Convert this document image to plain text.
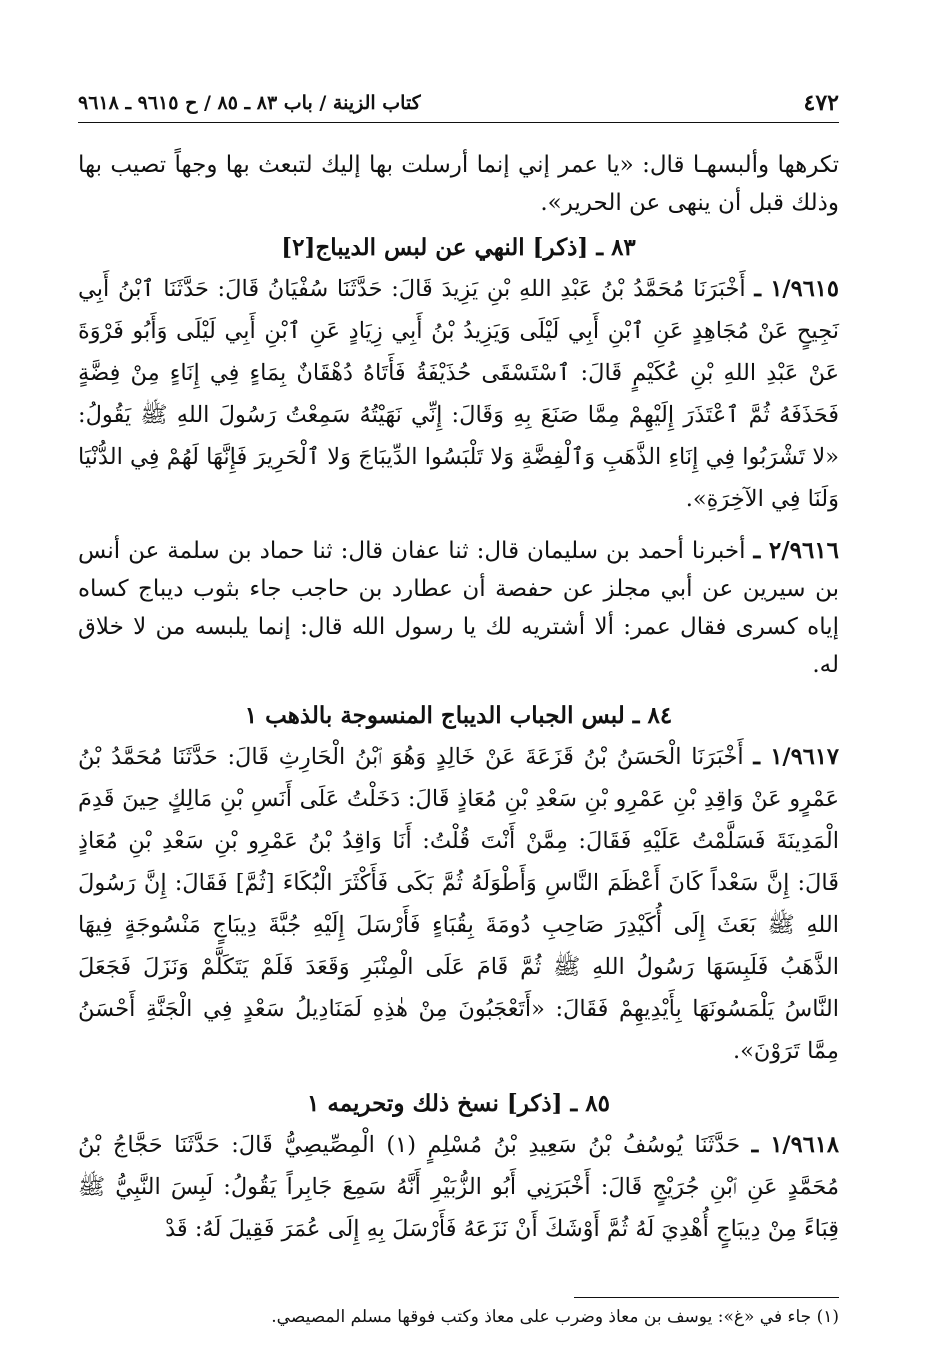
٤٧٢
كتاب الزينة / باب ٨٣ ـ ٨٥ / ح ٩٦١٥ ـ ٩٦١٨

تكرهها وألبسهـا قال: «يا عمر إني إنما أرسلت بها إليك لتبعث بها وجهاً تصيب بها وذلك قبل أن ينهى عن الحرير».

٨٣ ـ [ذكر] النهي عن لبس الديباج[٢]

١/٩٦١٥ ـ أَخْبَرَنَا مُحَمَّدُ بْنُ عَبْدِ اللهِ بْنِ يَزِيدَ قَالَ: حَدَّثَنَا سُفْيَانُ قَالَ: حَدَّثَنَا ٱبْنُ أَبِي نَجِيحٍ عَنْ مُجَاهِدٍ عَنِ ٱبْنِ أَبِي لَيْلَى وَيَزِيدُ بْنُ أَبِي زِيَادٍ عَنِ ٱبْنِ أَبِي لَيْلَى وَأَبُو فَرْوَةَ عَنْ عَبْدِ اللهِ بْنِ عُكَيْمٍ قَالَ: ٱسْتَسْقَى حُذَيْفَةُ فَأَتَاهُ دُهْقَانٌ بِمَاءٍ فِي إِنَاءٍ مِنْ فِضَّةٍ فَحَذَفَهُ ثُمَّ ٱعْتَذَرَ إِلَيْهِمْ مِمَّا صَنَعَ بِهِ وَقَالَ: إِنِّي نَهَيْتُهُ سَمِعْتُ رَسُولَ اللهِ ﷺ يَقُولُ: «لا تَشْرَبُوا فِي إِنَاءِ الذَّهَبِ وَٱلْفِضَّةِ وَلا تَلْبَسُوا الدِّيبَاجَ وَلا ٱلْحَرِيرَ فَإِنَّهَا لَهُمْ فِي الدُّنْيَا وَلَنَا فِي الآخِرَةِ».

٢/٩٦١٦ ـ أخبرنا أحمد بن سليمان قال: ثنا عفان قال: ثنا حماد بن سلمة عن أنس بن سيرين عن أبي مجلز عن حفصة أن عطارد بن حاجب جاء بثوب ديباج كساه إياه كسرى فقال عمر: ألا أشتريه لك يا رسول الله قال: إنما يلبسه من لا خلاق له.

٨٤ ـ لبس الجباب الديباج المنسوجة بالذهب ١

١/٩٦١٧ ـ أَخْبَرَنَا الْحَسَنُ بْنُ قَزَعَةَ عَنْ خَالِدٍ وَهُوَ ٱبْنُ الْحَارِثِ قَالَ: حَدَّثَنَا مُحَمَّدُ بْنُ عَمْرٍو عَنْ وَاقِدِ بْنِ عَمْرِو بْنِ سَعْدِ بْنِ مُعَاذٍ قَالَ: دَخَلْتُ عَلَى أَنَسِ بْنِ مَالِكٍ حِينَ قَدِمَ الْمَدِينَةَ فَسَلَّمْتُ عَلَيْهِ فَقَالَ: مِمَّنْ أَنْتَ قُلْتُ: أَنَا وَاقِدُ بْنُ عَمْرِو بْنِ سَعْدِ بْنِ مُعَاذٍ قَالَ: إِنَّ سَعْداً كَانَ أَعْظَمَ النَّاسِ وَأَطْوَلَهُ ثُمَّ بَكَى فَأَكْثَرَ الْبُكَاءَ [ثُمَّ] فَقَالَ: إِنَّ رَسُولَ اللهِ ﷺ بَعَثَ إِلَى أُكَيْدِرَ صَاحِبِ دُومَةَ بِقُبَاءٍ فَأَرْسَلَ إِلَيْهِ جُبَّةَ دِيبَاجٍ مَنْسُوجَةٍ فِيهَا الذَّهَبُ فَلَبِسَهَا رَسُولُ اللهِ ﷺ ثُمَّ قَامَ عَلَى الْمِنْبَرِ وَقَعَدَ فَلَمْ يَتَكَلَّمْ وَنَزَلَ فَجَعَلَ النَّاسُ يَلْمَسُونَهَا بِأَيْدِيهِمْ فَقَالَ: «أَتَعْجَبُونَ مِنْ هٰذِهِ لَمَنَادِيلُ سَعْدٍ فِي الْجَنَّةِ أَحْسَنُ مِمَّا تَرَوْنَ».

٨٥ ـ [ذكر] نسخ ذلك وتحريمه ١

١/٩٦١٨ ـ حَدَّثَنَا يُوسُفُ بْنُ سَعِيدِ بْنُ مُسْلِمٍ (١) الْمِصِّيصِيُّ قَالَ: حَدَّثَنَا حَجَّاجُ بْنُ مُحَمَّدٍ عَنِ ٱبْنِ جُرَيْجٍ قَالَ: أَخْبَرَنِي أَبُو الزُّبَيْرِ أَنَّهُ سَمِعَ جَابِراً يَقُولُ: لَبِسَ النَّبِيُّ ﷺ قِبَاءً مِنْ دِيبَاجٍ أُهْدِيَ لَهُ ثُمَّ أَوْشَكَ أَنْ نَزَعَهُ فَأَرْسَلَ بِهِ إِلَى عُمَرَ فَقِيلَ لَهُ: قَدْ

(١) جاء في «غ»: يوسف بن معاذ وضرب على معاذ وكتب فوقها مسلم المصيصي.
